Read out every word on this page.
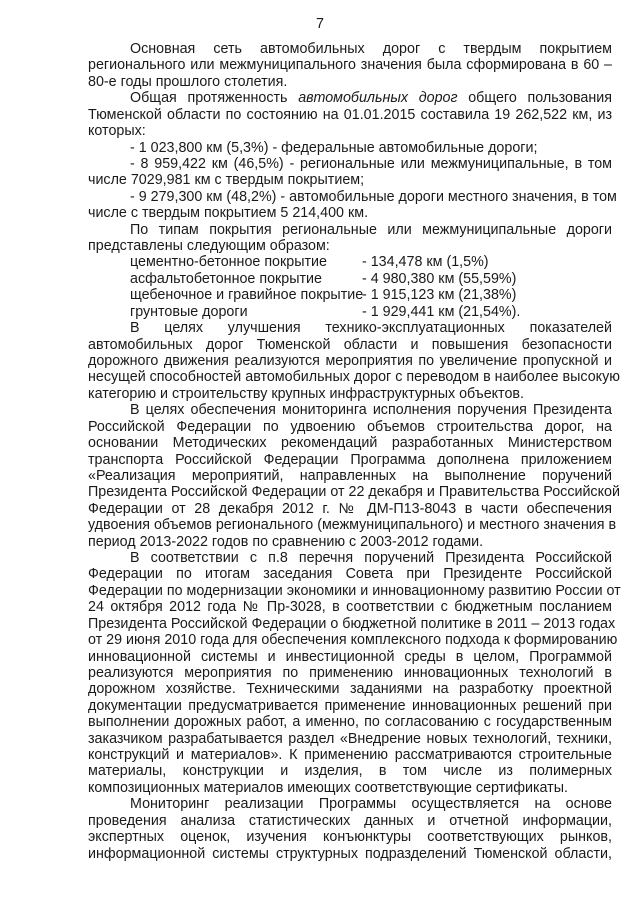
7
Основная сеть автомобильных дорог с твердым покрытием
регионального или межмуниципального значения была сформирована в 60 –
80-е годы прошлого столетия.
Общая протяженность автомобильных дорог общего пользования
Тюменской области по состоянию на 01.01.2015 составила 19 262,522 км, из
которых:
- 1 023,800 км (5,3%) - федеральные автомобильные дороги;
- 8 959,422 км (46,5%) - региональные или межмуниципальные, в том
числе 7029,981 км с твердым покрытием;
- 9 279,300 км (48,2%) - автомобильные дороги местного значения, в том
числе с твердым покрытием 5 214,400 км.
По типам покрытия региональные или межмуниципальные дороги
представлены следующим образом:
В целях улучшения технико-эксплуатационных показателей
автомобильных дорог Тюменской области и повышения безопасности
дорожного движения реализуются мероприятия по увеличение пропускной и
несущей способностей автомобильных дорог с переводом в наиболее высокую
категорию и строительству крупных инфраструктурных объектов.
В целях обеспечения мониторинга исполнения поручения Президента
Российской Федерации по удвоению объемов строительства дорог, на
основании Методических рекомендаций разработанных Министерством
транспорта Российской Федерации Программа дополнена приложением
«Реализация мероприятий, направленных на выполнение поручений
Президента Российской Федерации от 22 декабря и Правительства Российской
Федерации от 28 декабря 2012 г. № ДМ-П13-8043 в части обеспечения
удвоения объемов регионального (межмуниципального) и местного значения в
период 2013-2022 годов по сравнению с 2003-2012 годами.
В соответствии с п.8 перечня поручений Президента Российской
Федерации по итогам заседания Совета при Президенте Российской
Федерации по модернизации экономики и инновационному развитию России от
24 октября 2012 года № Пр-3028, в соответствии с бюджетным посланием
Президента Российской Федерации о бюджетной политике в 2011 – 2013 годах
от 29 июня 2010 года для обеспечения комплексного подхода к формированию
инновационной системы и инвестиционной среды в целом, Программой
реализуются мероприятия по применению инновационных технологий в
дорожном хозяйстве. Техническими заданиями на разработку проектной
документации предусматривается применение инновационных решений при
выполнении дорожных работ, а именно, по согласованию с государственным
заказчиком разрабатывается раздел «Внедрение новых технологий, техники,
конструкций и материалов». К применению рассматриваются строительные
материалы, конструкции и изделия, в том числе из полимерных
композиционных материалов имеющих соответствующие сертификаты.
Мониторинг реализации Программы осуществляется на основе
проведения анализа статистических данных и отчетной информации,
экспертных оценок, изучения конъюнктуры соответствующих рынков,
информационной системы структурных подразделений Тюменской области,
цементно-бетонное покрытие - 134,478 км (1,5%)
асфальтобетонное покрытие	- 4 980,380 км (55,59%)
щебеночное и гравийное покрытие
- 1 915,123 км (21,38%)
грунтовые дороги	- 1 929,441 км (21,54%).
